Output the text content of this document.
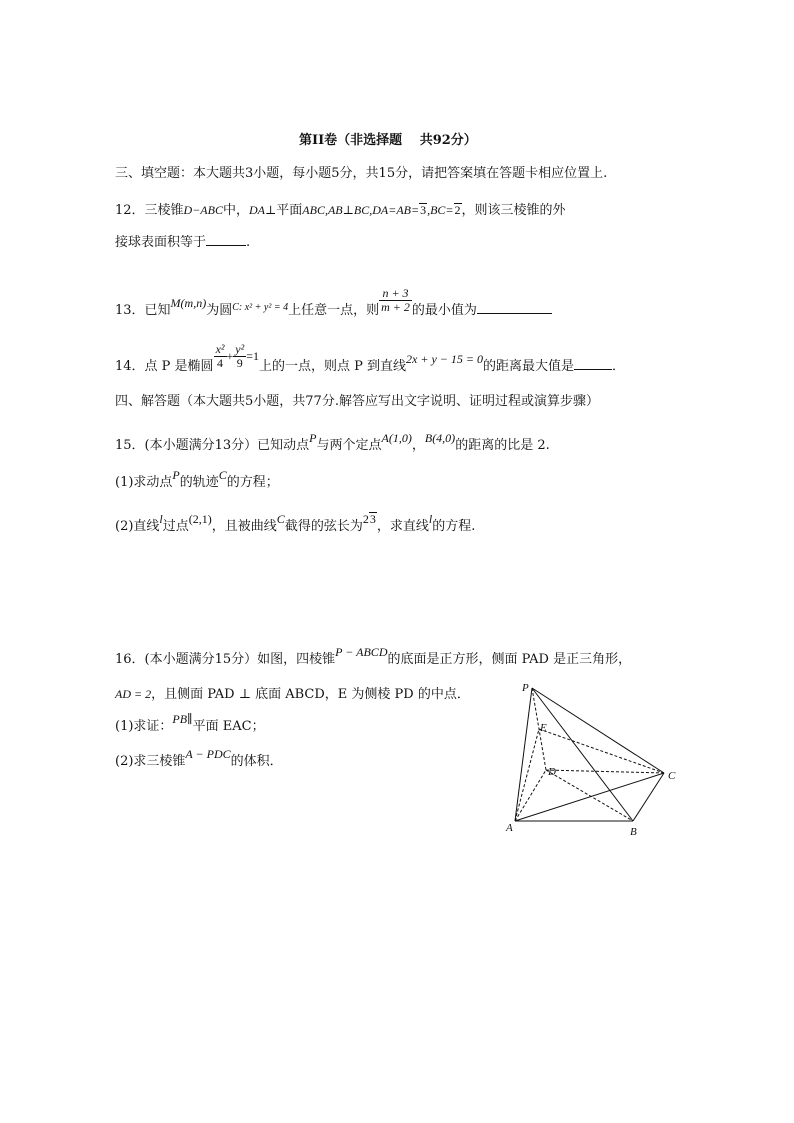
第II卷（非选择题　 共92分）
三、填空题：本大题共3小题，每小题5分，共15分，请把答案填在答题卡相应位置上.
12．三棱锥D−ABC中，DA⊥平面ABC,AB⊥BC,DA=AB=3,BC=2，则该三棱锥的外
接球表面积等于	.
13．已知M(m,n)为圆$^{C: x^2 + y^2 = 4}$上任意一点，则 $\frac{n + 3}{m + 2}$ 的最小值为
14．点 P 是椭圆 $\frac{\text{x²}}{4} + \frac{\text{y²}}{9} =1$上的一点，则点 P 到直线2x + y − 15 = 0的距离最大值是	．
四、解答题（本大题共5小题，共77分.解答应写出文字说明、证明过程或演算步骤）
15．(本小题满分13分）已知动点P与两个定点A(1,0)，B(4,0)的距离的比是 2.
(1)求动点P的轨迹C的方程；
(2)直线l过点(2,1)，且被曲线C截得的弦长为23，求直线l的方程.
16．(本小题满分15分）如图，四棱锥P − ABCD的底面是正方形，侧面 PAD 是正三角形，
AD = 2，且侧面 PAD ⊥ 底面 ABCD，E 为侧棱 PD 的中点．
(1)求证：PB∥平面 EAC；
(2)求三棱锥A − PDC的体积．
P
E
D	C
A	B
